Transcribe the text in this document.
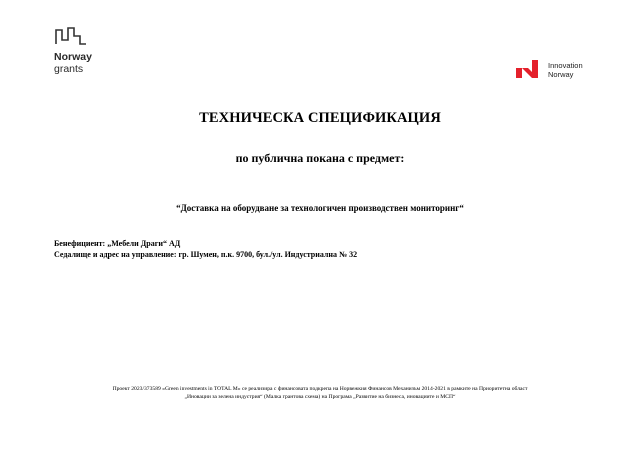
Norway
grants	Innovation
Norway
ТЕХНИЧЕСКА СПЕЦИФИКАЦИЯ
по публична покана с предмет:
“Доставка на оборудване за технологичен производствен мониторинг“
Бенефициент: „Мебели Драги“ АД
Седалище и адрес на управление: гр. Шумен, п.к. 9700, бул./ул. Индустриална № 32
Проект 2023/373589 «Green investments in TOTAL M» се реализира с финансовата подкрепа на Норвежкия Финансов Механизъм 2014-2021 в рамките на Приоритетна област
„Иновации за зелена индустрия“ (Малка грантова схема) на Програма „Развитие на бизнеса, иновациите и МСП“
